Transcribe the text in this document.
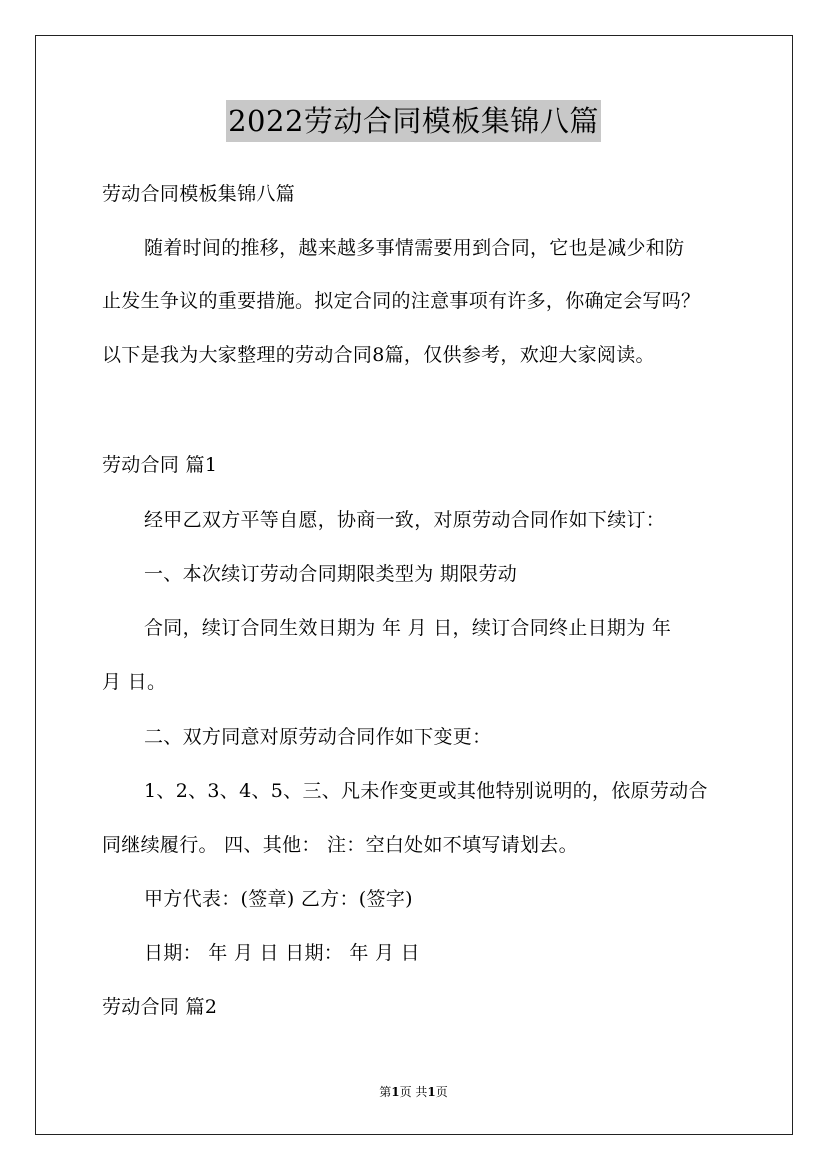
2022劳动合同模板集锦八篇
劳动合同模板集锦八篇
随着时间的推移，越来越多事情需要用到合同，它也是减少和防
止发生争议的重要措施。拟定合同的注意事项有许多，你确定会写吗？
以下是我为大家整理的劳动合同8篇，仅供参考，欢迎大家阅读。
劳动合同 篇1
经甲乙双方平等自愿，协商一致，对原劳动合同作如下续订：
一、本次续订劳动合同期限类型为 期限劳动
合同，续订合同生效日期为 年 月 日，续订合同终止日期为 年
月 日。
二、双方同意对原劳动合同作如下变更：
1、2、3、4、5、三、凡未作变更或其他特别说明的，依原劳动合
同继续履行。 四、其他： 注：空白处如不填写请划去。
甲方代表：(签章) 乙方：(签字)
日期： 年 月 日 日期： 年 月 日
劳动合同 篇2
第1页 共1页
